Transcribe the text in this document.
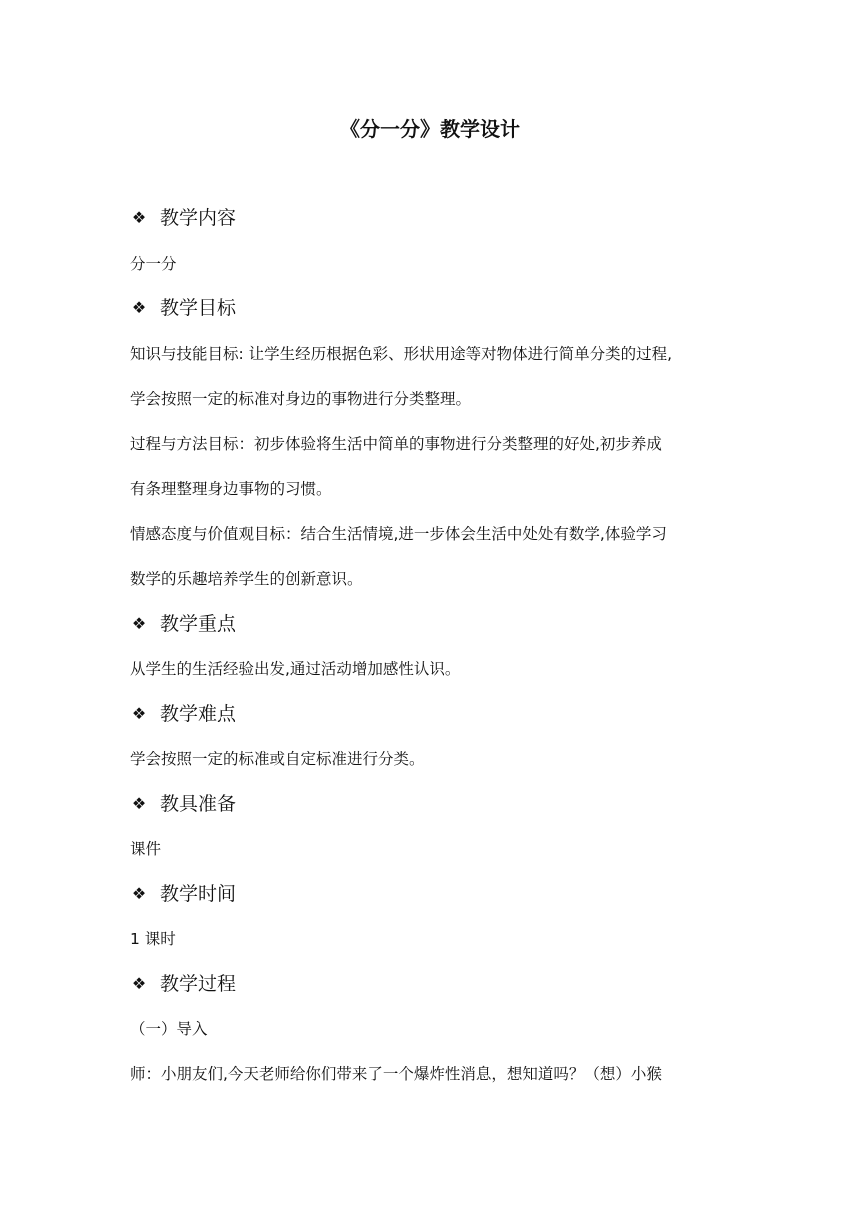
《分一分》教学设计
❖ 教学内容
分一分
❖ 教学目标
知识与技能目标: 让学生经历根据色彩、形状用途等对物体进行简单分类的过程,
学会按照一定的标准对身边的事物进行分类整理。
过程与方法目标：初步体验将生活中简单的事物进行分类整理的好处,初步养成
有条理整理身边事物的习惯。
情感态度与价值观目标：结合生活情境,进一步体会生活中处处有数学,体验学习
数学的乐趣培养学生的创新意识。
❖ 教学重点
从学生的生活经验出发,通过活动增加感性认识。
❖ 教学难点
学会按照一定的标准或自定标准进行分类。
❖ 教具准备
课件
❖ 教学时间
1 课时
❖ 教学过程
（一）导入
师：小朋友们,今天老师给你们带来了一个爆炸性消息，想知道吗？（想）小猴
